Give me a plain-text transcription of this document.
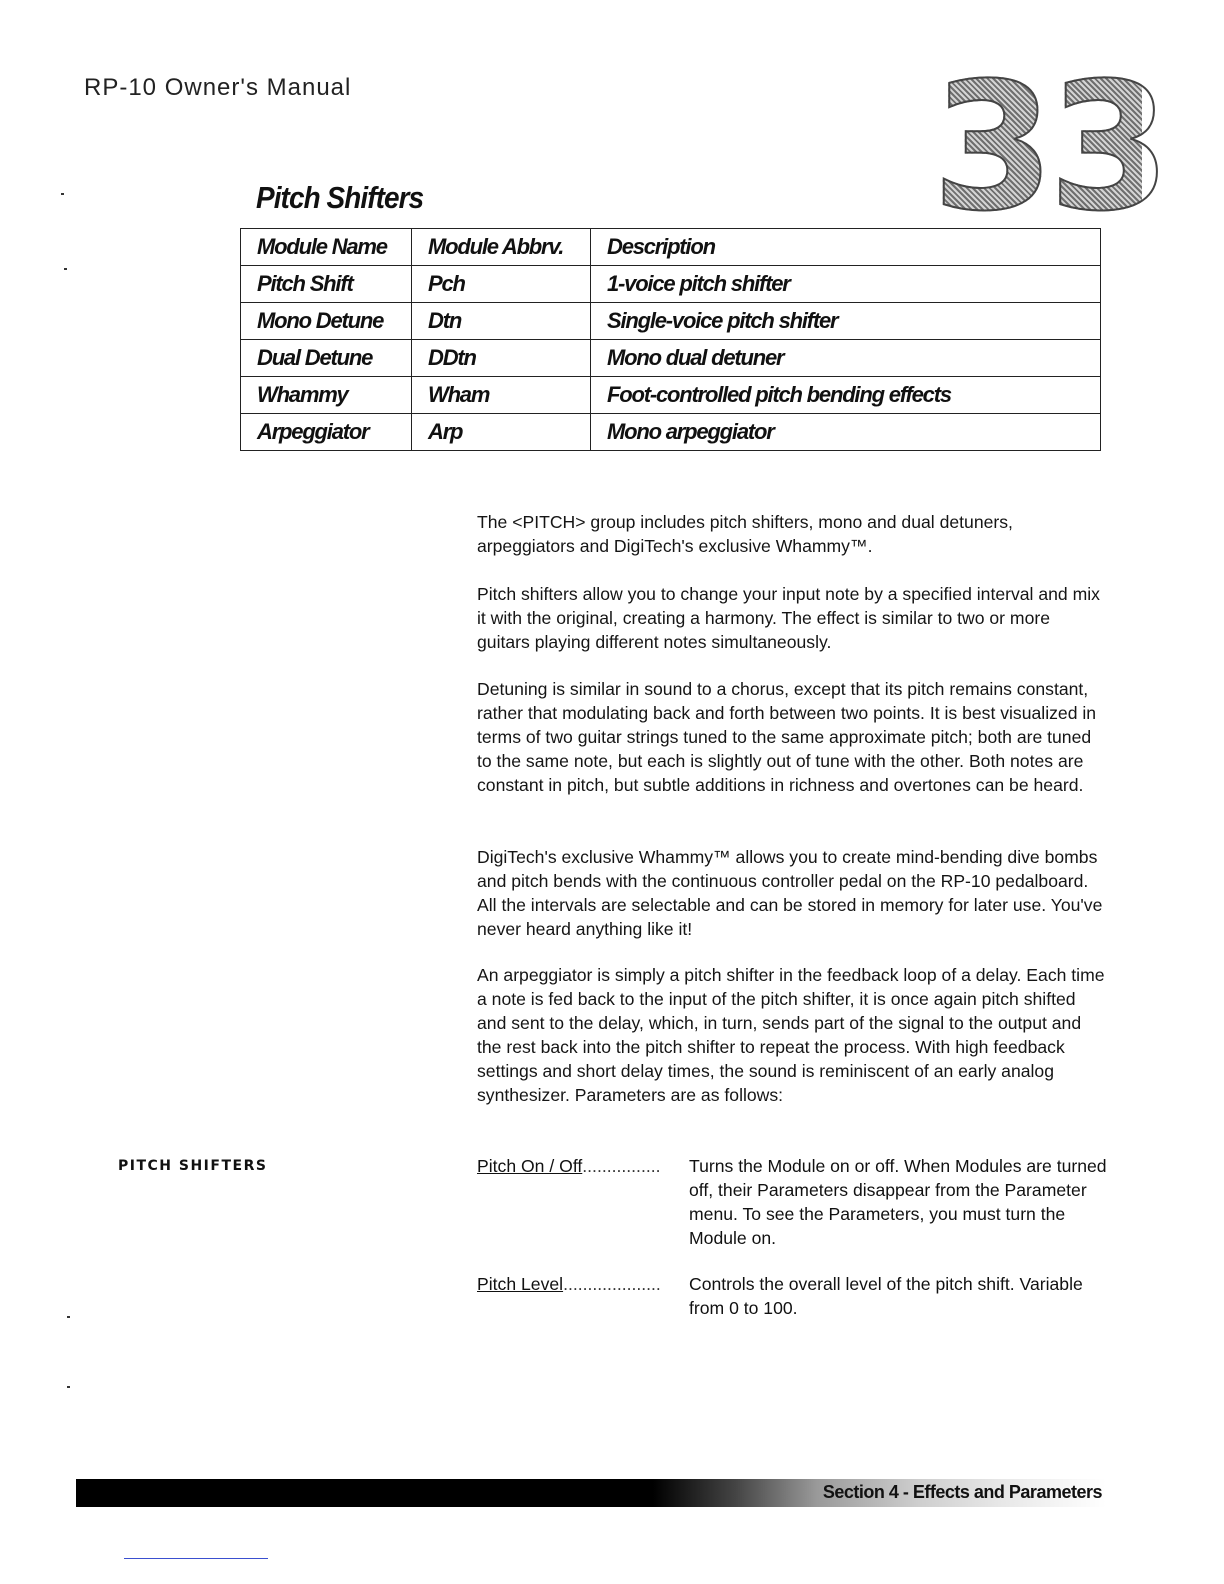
RP-10 Owner's Manual	33
Pitch Shifters
Module Name	Module Abbrv.	Description
Pitch Shift	Pch	1-voice pitch shifter
Mono Detune	Dtn	Single-voice pitch shifter
Dual Detune	DDtn	Mono dual detuner
Whammy	Wham	Foot-controlled pitch bending effects
Arpeggiator	Arp	Mono arpeggiator

The <PITCH> group includes pitch shifters, mono and dual detuners, arpeggiators and DigiTech's exclusive Whammy™.

Pitch shifters allow you to change your input note by a specified interval and mix it with the original, creating a harmony. The effect is similar to two or more guitars playing different notes simultaneously.

Detuning is similar in sound to a chorus, except that its pitch remains constant, rather that modulating back and forth between two points. It is best visualized in terms of two guitar strings tuned to the same approximate pitch; both are tuned to the same note, but each is slightly out of tune with the other. Both notes are constant in pitch, but subtle additions in richness and overtones can be heard.

DigiTech's exclusive Whammy™ allows you to create mind-bending dive bombs and pitch bends with the continuous controller pedal on the RP-10 pedalboard. All the intervals are selectable and can be stored in memory for later use. You've never heard anything like it!

An arpeggiator is simply a pitch shifter in the feedback loop of a delay. Each time a note is fed back to the input of the pitch shifter, it is once again pitch shifted and sent to the delay, which, in turn, sends part of the signal to the output and the rest back into the pitch shifter to repeat the process. With high feedback settings and short delay times, the sound is reminiscent of an early analog synthesizer. Parameters are as follows:

PITCH SHIFTERS	Pitch On / Off................ Turns the Module on or off. When Modules are turned off, their Parameters disappear from the Parameter menu. To see the Parameters, you must turn the Module on.
Pitch Level.................... Controls the overall level of the pitch shift. Variable from 0 to 100.
Section 4 - Effects and Parameters
